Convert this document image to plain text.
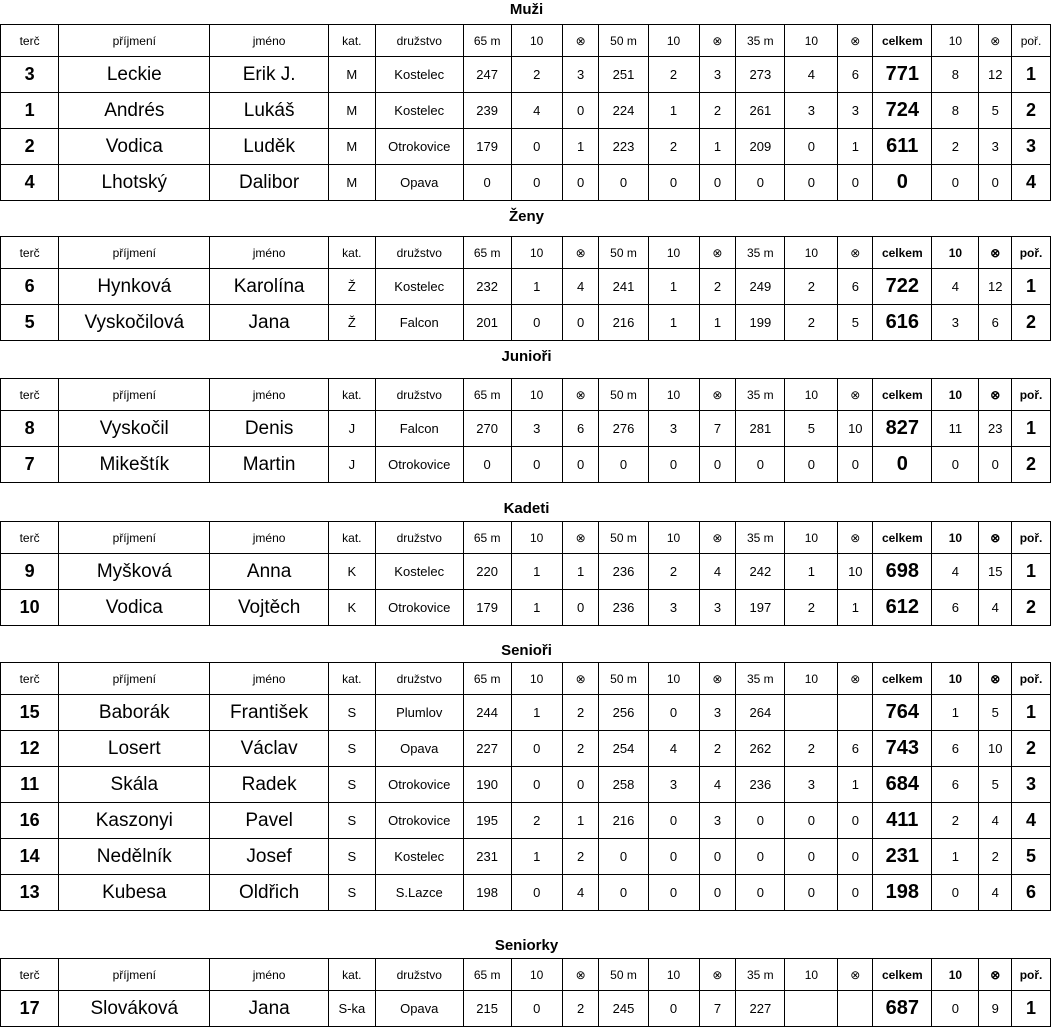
Muži
terč	příjmení	jméno	kat.	družstvo	65 m	10	⊗	50 m	10	⊗	35 m	10	⊗	celkem	10	⊗	poř.
3	Leckie	Erik J.	M	Kostelec	247	2	3	251	2	3	273	4	6	771	8	12	1
1	Andrés	Lukáš	M	Kostelec	239	4	0	224	1	2	261	3	3	724	8	5	2
2	Vodica	Luděk	M	Otrokovice	179	0	1	223	2	1	209	0	1	611	2	3	3
4	Lhotský	Dalibor	M	Opava	0	0	0	0	0	0	0	0	0	0	0	0	4
Ženy
terč	příjmení	jméno	kat.	družstvo	65 m	10	⊗	50 m	10	⊗	35 m	10	⊗	celkem	10	⊗	poř.
6	Hynková	Karolína	Ž	Kostelec	232	1	4	241	1	2	249	2	6	722	4	12	1
5	Vyskočilová	Jana	Ž	Falcon	201	0	0	216	1	1	199	2	5	616	3	6	2
Junioři
terč	příjmení	jméno	kat.	družstvo	65 m	10	⊗	50 m	10	⊗	35 m	10	⊗	celkem	10	⊗	poř.
8	Vyskočil	Denis	J	Falcon	270	3	6	276	3	7	281	5	10	827	11	23	1
7	Mikeštík	Martin	J	Otrokovice	0	0	0	0	0	0	0	0	0	0	0	0	2
Kadeti
terč	příjmení	jméno	kat.	družstvo	65 m	10	⊗	50 m	10	⊗	35 m	10	⊗	celkem	10	⊗	poř.
9	Myšková	Anna	K	Kostelec	220	1	1	236	2	4	242	1	10	698	4	15	1
10	Vodica	Vojtěch	K	Otrokovice	179	1	0	236	3	3	197	2	1	612	6	4	2
Senioři
terč	příjmení	jméno	kat.	družstvo	65 m	10	⊗	50 m	10	⊗	35 m	10	⊗	celkem	10	⊗	poř.
15	Baborák	František	S	Plumlov	244	1	2	256	0	3	264			764	1	5	1
12	Losert	Václav	S	Opava	227	0	2	254	4	2	262	2	6	743	6	10	2
11	Skála	Radek	S	Otrokovice	190	0	0	258	3	4	236	3	1	684	6	5	3
16	Kaszonyi	Pavel	S	Otrokovice	195	2	1	216	0	3	0	0	0	411	2	4	4
14	Nedělník	Josef	S	Kostelec	231	1	2	0	0	0	0	0	0	231	1	2	5
13	Kubesa	Oldřich	S	S.Lazce	198	0	4	0	0	0	0	0	0	198	0	4	6
Seniorky
terč	příjmení	jméno	kat.	družstvo	65 m	10	⊗	50 m	10	⊗	35 m	10	⊗	celkem	10	⊗	poř.
17	Slováková	Jana	S-ka	Opava	215	0	2	245	0	7	227			687	0	9	1
